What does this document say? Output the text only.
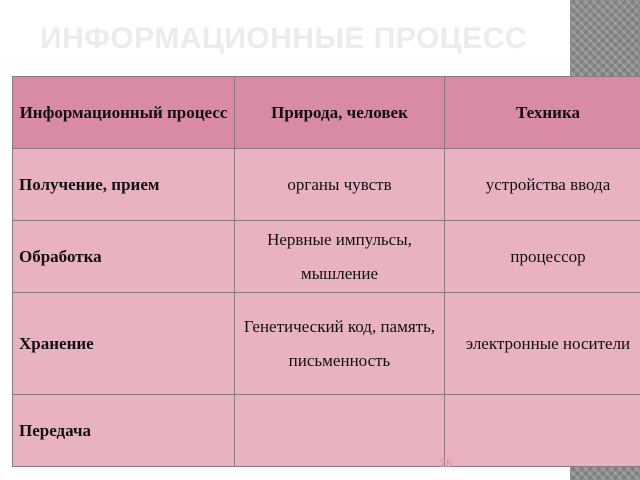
ИНФОРМАЦИОННЫЕ ПРОЦЕССЫ
Информационный процесс	Природа, человек	Техника
Получение, прием	органы чувств	устройства ввода
Обработка	Нервные импульсы, мышление	процессор
Хранение	Генетический код, память, письменность	электронные носители
Передача		
25
